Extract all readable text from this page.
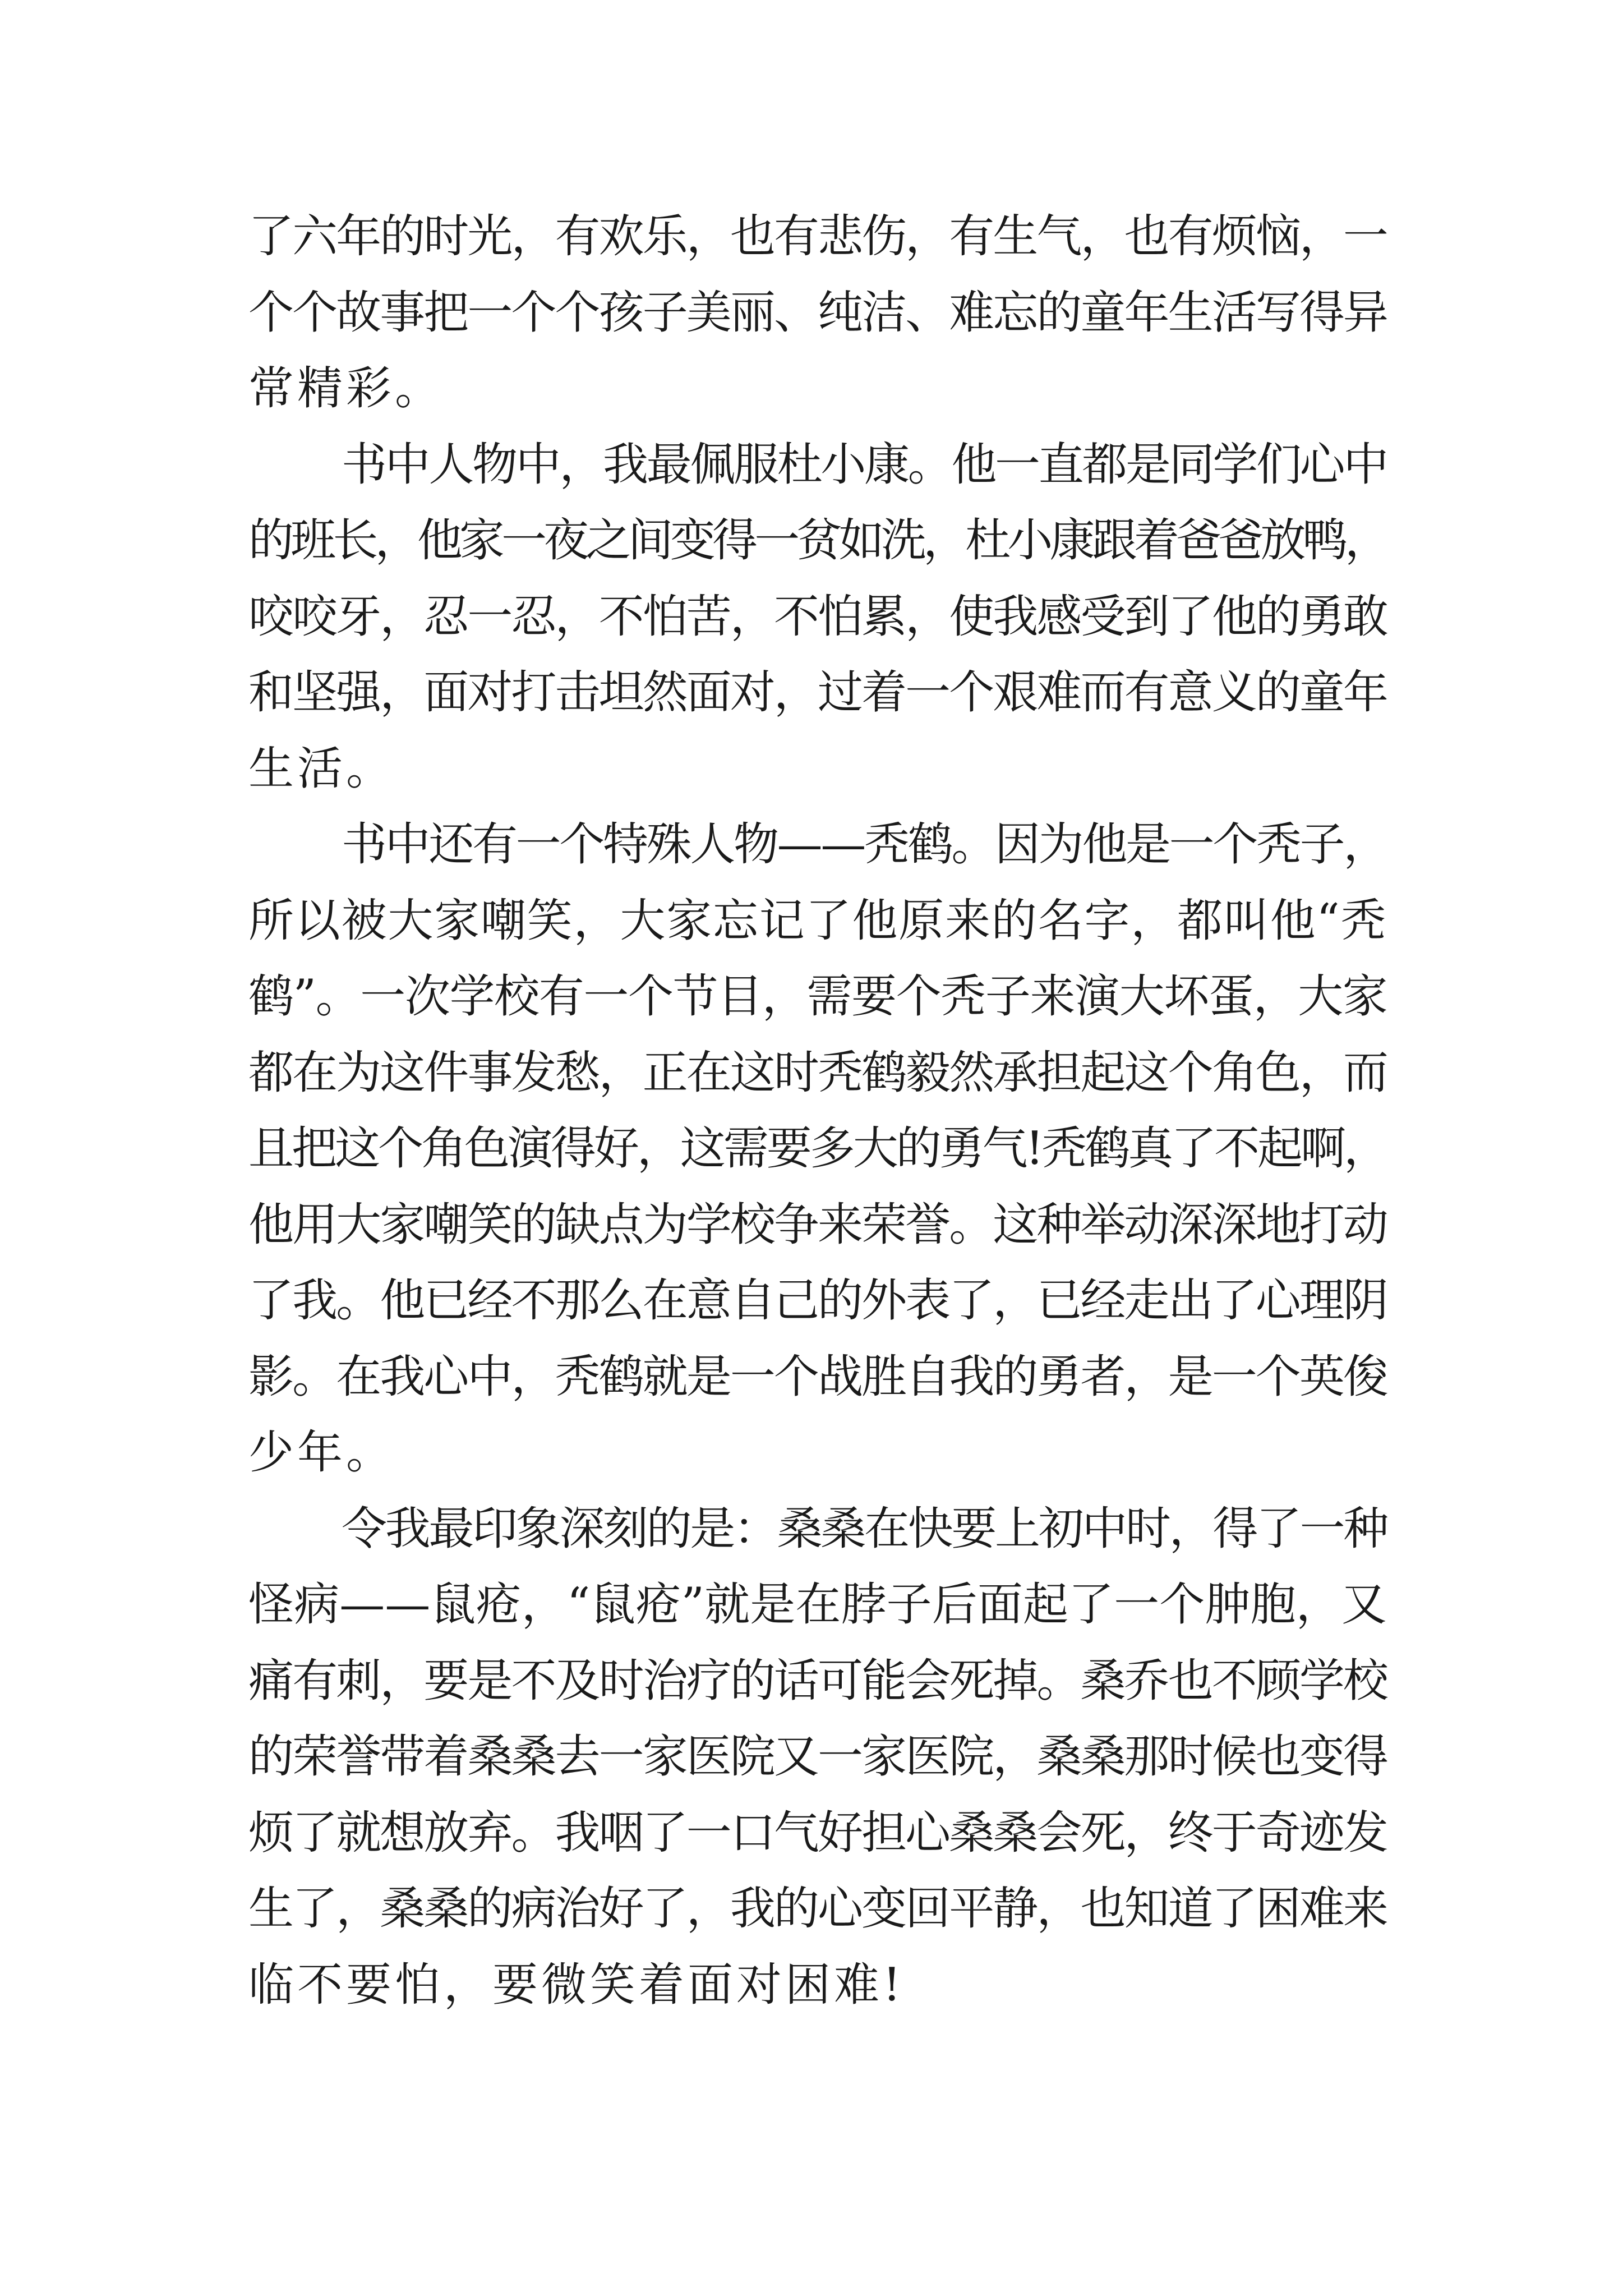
了六年的时光，有欢乐，也有悲伤，有生气，也有烦恼，一
个个故事把一个个孩子美丽、纯洁、难忘的童年生活写得异
常精彩。

书中人物中，我最佩服杜小康。他一直都是同学们心中
的班长，他家一夜之间变得一贫如洗，杜小康跟着爸爸放鸭，
咬咬牙，忍一忍，不怕苦，不怕累，使我感受到了他的勇敢
和坚强，面对打击坦然面对，过着一个艰难而有意义的童年
生活。

书中还有一个特殊人物——秃鹤。因为他是一个秃子，
所以被大家嘲笑，大家忘记了他原来的名字，都叫他“秃
鹤”。一次学校有一个节目，需要个秃子来演大坏蛋，大家
都在为这件事发愁，正在这时秃鹤毅然承担起这个角色，而
且把这个角色演得好，这需要多大的勇气!秃鹤真了不起啊，
他用大家嘲笑的缺点为学校争来荣誉。这种举动深深地打动
了我。他已经不那么在意自己的外表了，已经走出了心理阴
影。在我心中，秃鹤就是一个战胜自我的勇者，是一个英俊
少年。

令我最印象深刻的是：桑桑在快要上初中时，得了一种
怪病——鼠疮，“鼠疮”就是在脖子后面起了一个肿胞，又
痛有刺，要是不及时治疗的话可能会死掉。桑乔也不顾学校
的荣誉带着桑桑去一家医院又一家医院，桑桑那时候也变得
烦了就想放弃。我咽了一口气好担心桑桑会死，终于奇迹发
生了，桑桑的病治好了，我的心变回平静，也知道了困难来
临不要怕，要微笑着面对困难!
